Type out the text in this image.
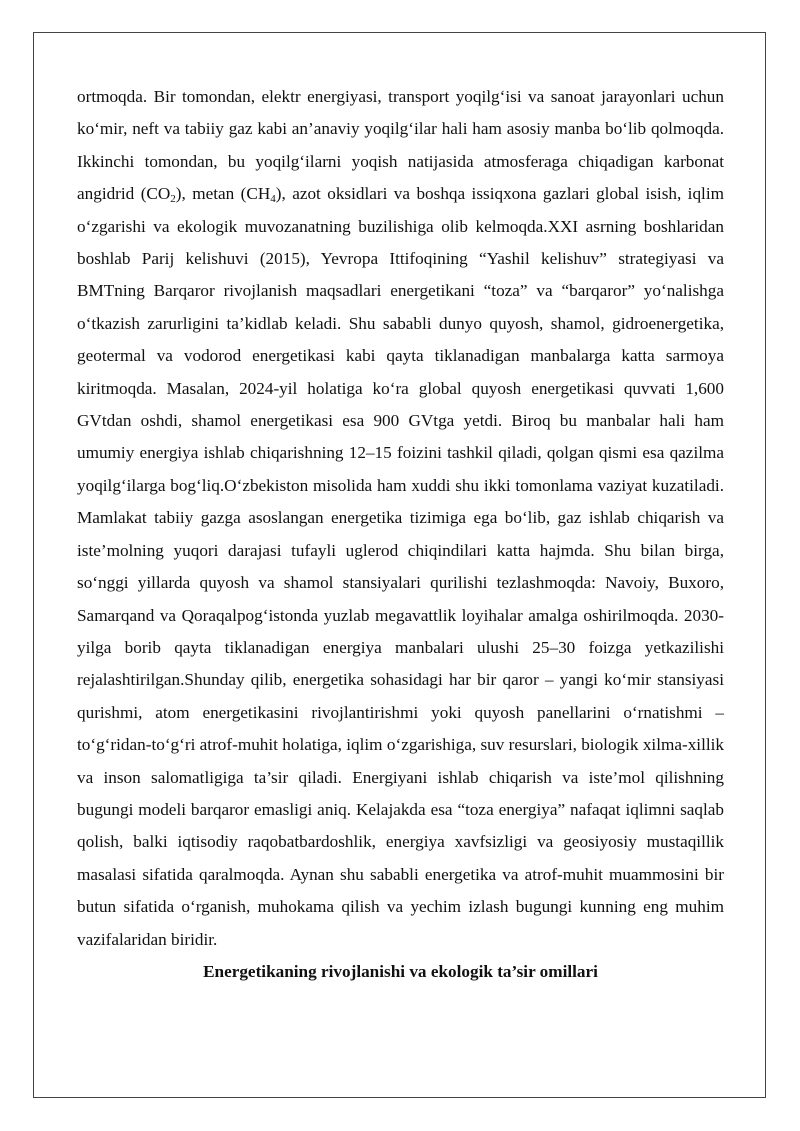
ortmoqda. Bir tomondan, elektr energiyasi, transport yoqilg‘isi va sanoat jarayonlari uchun ko‘mir, neft va tabiiy gaz kabi an’anaviy yoqilg‘ilar hali ham asosiy manba bo‘lib qolmoqda. Ikkinchi tomondan, bu yoqilg‘ilarni yoqish natijasida atmosferaga chiqadigan karbonat angidrid $(CO_2)$, metan $(CH_4)$, azot oksidlari va boshqa issiqxona gazlari global isish, iqlim o‘zgarishi va ekologik muvozanatning buzilishiga olib kelmoqda.XXI asrning boshlaridan boshlab Parij kelishuvi (2015), Yevropa Ittifoqining “Yashil kelishuv” strategiyasi va BMTning Barqaror rivojlanish maqsadlari energetikani “toza” va “barqaror” yo‘nalishga o‘tkazish zarurligini ta’kidlab keladi. Shu sababli dunyo quyosh, shamol, gidroenergetika, geotermal va vodorod energetikasi kabi qayta tiklanadigan manbalarga katta sarmoya kiritmoqda. Masalan, 2024-yil holatiga ko‘ra global quyosh energetikasi quvvati 1,600 GVtdan oshdi, shamol energetikasi esa 900 GVtga yetdi. Biroq bu manbalar hali ham umumiy energiya ishlab chiqarishning 12–15 foizini tashkil qiladi, qolgan qismi esa qazilma yoqilg‘ilarga bog‘liq.O‘zbekiston misolida ham xuddi shu ikki tomonlama vaziyat kuzatiladi. Mamlakat tabiiy gazga asoslangan energetika tizimiga ega bo‘lib, gaz ishlab chiqarish va iste’molning yuqori darajasi tufayli uglerod chiqindilari katta hajmda. Shu bilan birga, so‘nggi yillarda quyosh va shamol stansiyalari qurilishi tezlashmoqda: Navoiy, Buxoro, Samarqand va Qoraqalpog‘istonda yuzlab megavattlik loyihalar amalga oshirilmoqda. 2030-yilga borib qayta tiklanadigan energiya manbalari ulushi 25–30 foizga yetkazilishi rejalashtirilgan.Shunday qilib, energetika sohasidagi har bir qaror – yangi ko‘mir stansiyasi qurishmi, atom energetikasini rivojlantirishmi yoki quyosh panellarini o‘rnatishmi – to‘g‘ridan-to‘g‘ri atrof-muhit holatiga, iqlim o‘zgarishiga, suv resurslari, biologik xilma-xillik va inson salomatligiga ta’sir qiladi. Energiyani ishlab chiqarish va iste’mol qilishning bugungi modeli barqaror emasligi aniq. Kelajakda esa “toza energiya” nafaqat iqlimni saqlab qolish, balki iqtisodiy raqobatbardoshlik, energiya xavfsizligi va geosiyosiy mustaqillik masalasi sifatida qaralmoqda. Aynan shu sababli energetika va atrof-muhit muammosini bir butun sifatida o‘rganish, muhokama qilish va yechim izlash bugungi kunning eng muhim vazifalaridan biridir.

Energetikaning rivojlanishi va ekologik ta’sir omillari
